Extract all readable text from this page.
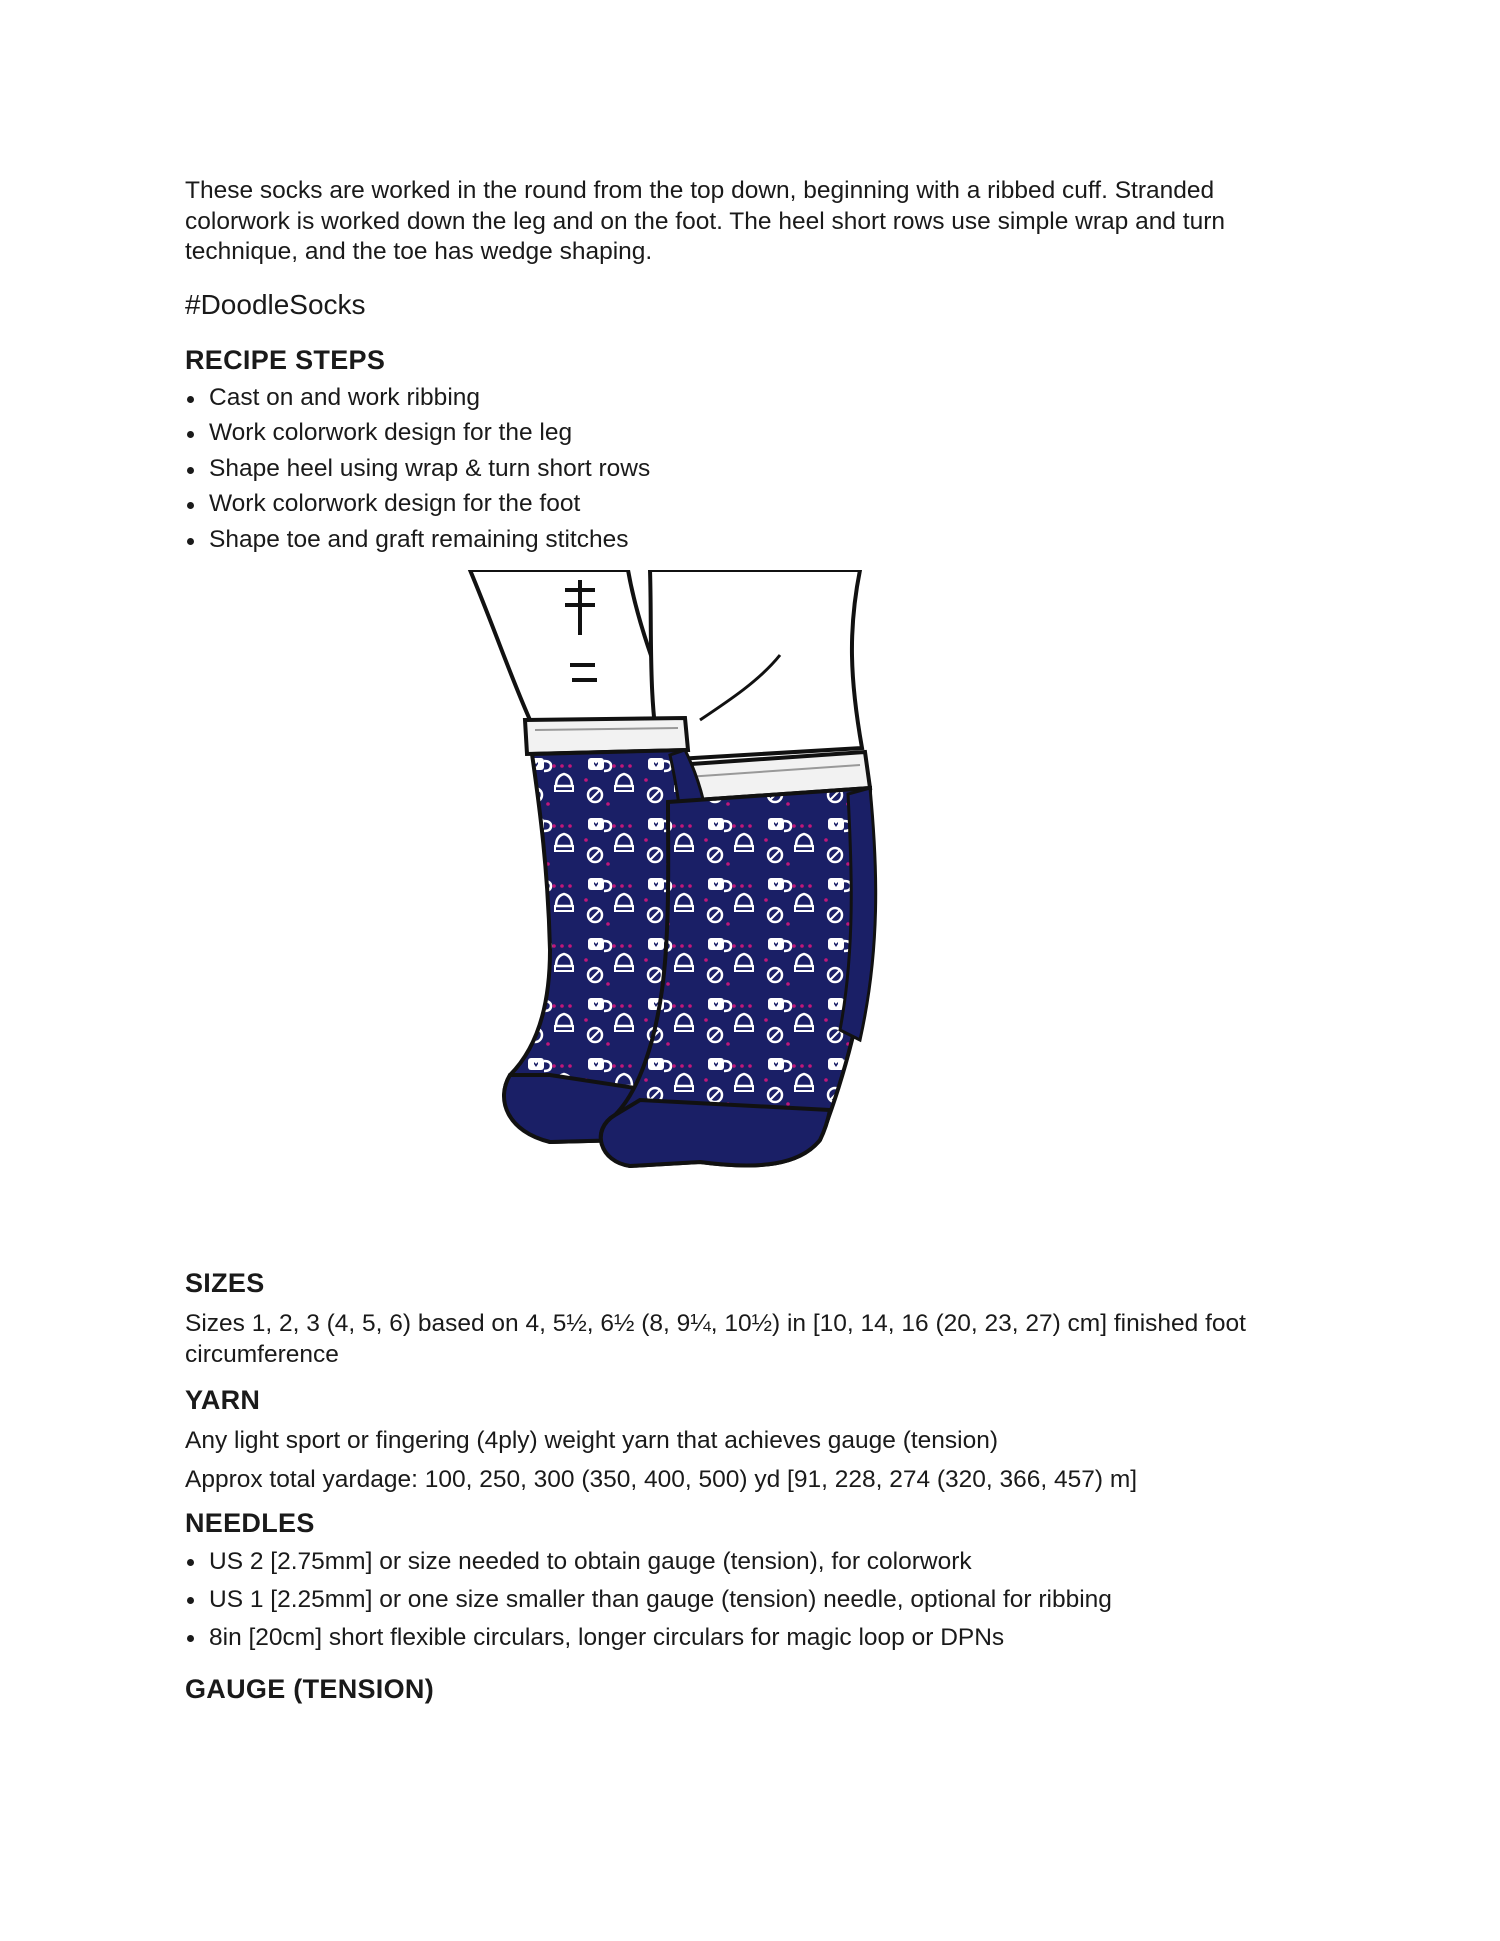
These socks are worked in the round from the top down, beginning with a ribbed cuff. Stranded colorwork is worked down the leg and on the foot. The heel short rows use simple wrap and turn technique, and the toe has wedge shaping.

#DoodleSocks

RECIPE STEPS
Cast on and work ribbing
Work colorwork design for the leg
Shape heel using wrap & turn short rows
Work colorwork design for the foot
Shape toe and graft remaining stitches
SIZES

Sizes 1, 2, 3 (4, 5, 6) based on 4, 5½, 6½ (8, 9¼, 10½) in [10, 14, 16 (20, 23, 27) cm] finished foot circumference

YARN

Any light sport or fingering (4ply) weight yarn that achieves gauge (tension)

Approx total yardage: 100, 250, 300 (350, 400, 500) yd [91, 228, 274 (320, 366, 457) m]

NEEDLES
US 2 [2.75mm] or size needed to obtain gauge (tension), for colorwork
US 1 [2.25mm] or one size smaller than gauge (tension) needle, optional for ribbing
8in [20cm] short flexible circulars, longer circulars for magic loop or DPNs
GAUGE (TENSION)
